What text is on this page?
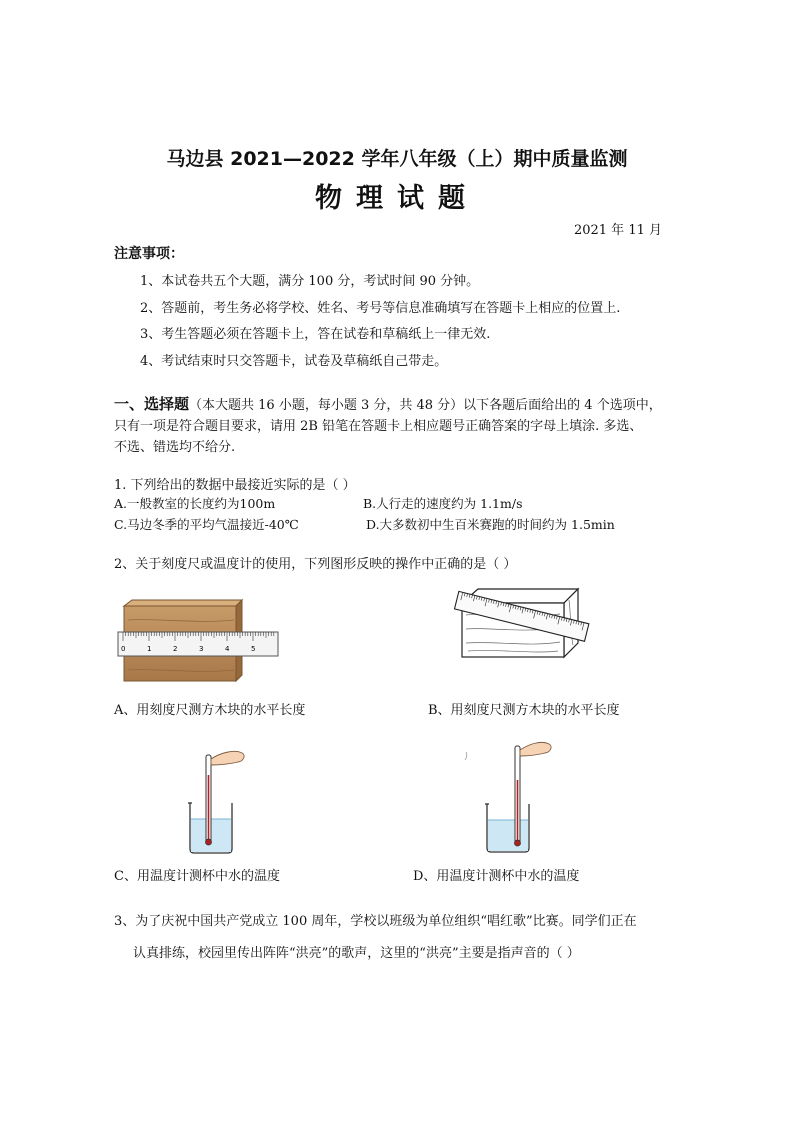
马边县 2021—2022 学年八年级（上）期中质量监测
物理试题
2021 年 11 月
注意事项：
1、本试卷共五个大题，满分 100 分，考试时间 90 分钟。
2、答题前，考生务必将学校、姓名、考号等信息准确填写在答题卡上相应的位置上.
3、考生答题必须在答题卡上，答在试卷和草稿纸上一律无效.
4、考试结束时只交答题卡，试卷及草稿纸自己带走。
一、选择题（本大题共 16 小题，每小题 3 分，共 48 分）以下各题后面给出的 4 个选项中，
只有一项是符合题目要求，请用 2B 铅笔在答题卡上相应题号正确答案的字母上填涂. 多选、
不选、错选均不给分.
1. 下列给出的数据中最接近实际的是（ ）
A.一般教室的长度约为100m	B.人行走的速度约为 1.1m/s
C.马边冬季的平均气温接近-40℃	D.大多数初中生百米赛跑的时间约为 1.5min
2、关于刻度尺或温度计的使用，下列图形反映的操作中正确的是（ ）
0	1	2	3	4	5
A、用刻度尺测方木块的水平长度	B、用刻度尺测方木块的水平长度
C、用温度计测杯中水的温度	D、用温度计测杯中水的温度
3、为了庆祝中国共产党成立 100 周年，学校以班级为单位组织“唱红歌”比赛。同学们正在
认真排练，校园里传出阵阵“洪亮”的歌声，这里的“洪亮”主要是指声音的（ ）
